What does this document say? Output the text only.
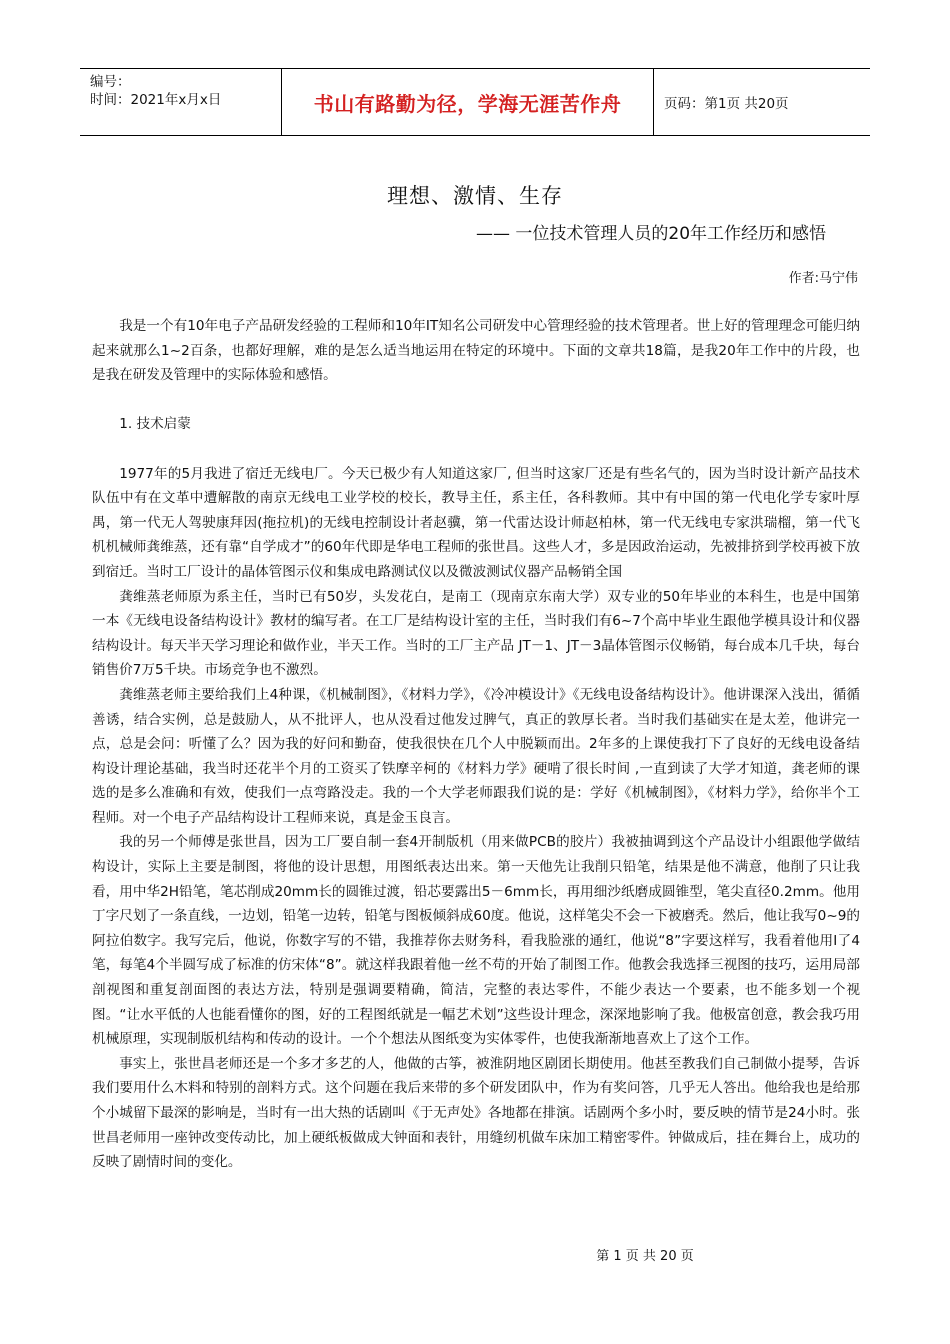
编号：
时间：2021年x月x日	书山有路勤为径，学海无涯苦作舟	页码：第1页 共20页
理想、激情、生存
—— 一位技术管理人员的20年工作经历和感悟
作者:马宁伟

我是一个有10年电子产品研发经验的工程师和10年IT知名公司研发中心管理经验的技术管理者。世上好的管理理念可能归纳起来就那么1~2百条，也都好理解，难的是怎么适当地运用在特定的环境中。下面的文章共18篇，是我20年工作中的片段，也是我在研发及管理中的实际体验和感悟。

1. 技术启蒙

1977年的5月我进了宿迁无线电厂。今天已极少有人知道这家厂, 但当时这家厂还是有些名气的，因为当时设计新产品技术队伍中有在文革中遭解散的南京无线电工业学校的校长，教导主任，系主任，各科教师。其中有中国的第一代电化学专家叶厚禺，第一代无人驾驶康拜因(拖拉机)的无线电控制设计者赵骥，第一代雷达设计师赵柏林，第一代无线电专家洪瑞榴，第一代飞机机械师龚维蒸，还有靠“自学成才”的60年代即是华电工程师的张世昌。这些人才，多是因政治运动，先被排挤到学校再被下放到宿迁。当时工厂设计的晶体管图示仪和集成电路测试仪以及微波测试仪器产品畅销全国

龚维蒸老师原为系主任，当时已有50岁，头发花白，是南工（现南京东南大学）双专业的50年毕业的本科生，也是中国第一本《无线电设备结构设计》教材的编写者。在工厂是结构设计室的主任，当时我们有6~7个高中毕业生跟他学模具设计和仪器结构设计。每天半天学习理论和做作业，半天工作。当时的工厂主产品 JT－1、JT－3晶体管图示仪畅销，每台成本几千块，每台销售价7万5千块。市场竞争也不激烈。

龚维蒸老师主要给我们上4种课，《机械制图》，《材料力学》，《冷冲模设计》《无线电设备结构设计》。他讲课深入浅出，循循善诱，结合实例，总是鼓励人，从不批评人，也从没看过他发过脾气，真正的敦厚长者。当时我们基础实在是太差，他讲完一点，总是会问：听懂了么？因为我的好问和勤奋，使我很快在几个人中脱颖而出。2年多的上课使我打下了良好的无线电设备结构设计理论基础，我当时还花半个月的工资买了铁摩辛柯的《材料力学》硬啃了很长时间 ,一直到读了大学才知道，龚老师的课选的是多么准确和有效，使我们一点弯路没走。我的一个大学老师跟我们说的是：学好《机械制图》，《材料力学》，给你半个工程师。对一个电子产品结构设计工程师来说，真是金玉良言。

我的另一个师傅是张世昌，因为工厂要自制一套4开制版机（用来做PCB的胶片）我被抽调到这个产品设计小组跟他学做结构设计，实际上主要是制图，将他的设计思想，用图纸表达出来。第一天他先让我削只铅笔，结果是他不满意，他削了只让我看，用中华2H铅笔，笔芯削成20mm长的圆锥过渡，铅芯要露出5－6mm长，再用细沙纸磨成圆锥型，笔尖直径0.2mm。他用丁字尺划了一条直线，一边划，铅笔一边转，铅笔与图板倾斜成60度。他说，这样笔尖不会一下被磨秃。然后，他让我写0~9的阿拉伯数字。我写完后，他说，你数字写的不错，我推荐你去财务科，看我脸涨的通红，他说“8”字要这样写，我看着他用I了4笔，每笔4个半圆写成了标准的仿宋体“8”。就这样我跟着他一丝不苟的开始了制图工作。他教会我选择三视图的技巧，运用局部剖视图和重复剖面图的表达方法，特别是强调要精确，简洁，完整的表达零件，不能少表达一个要素，也不能多划一个视图。“让水平低的人也能看懂你的图，好的工程图纸就是一幅艺术划”这些设计理念，深深地影响了我。他极富创意，教会我巧用机械原理，实现制版机结构和传动的设计。一个个想法从图纸变为实体零件，也使我渐渐地喜欢上了这个工作。

事实上，张世昌老师还是一个多才多艺的人，他做的古筝，被淮阴地区剧团长期使用。他甚至教我们自己制做小提琴，告诉我们要用什么木料和特别的剖料方式。这个问题在我后来带的多个研发团队中，作为有奖问答，几乎无人答出。他给我也是给那个小城留下最深的影响是，当时有一出大热的话剧叫《于无声处》各地都在排演。话剧两个多小时，要反映的情节是24小时。张世昌老师用一座钟改变传动比，加上硬纸板做成大钟面和表针，用缝纫机做车床加工精密零件。钟做成后，挂在舞台上，成功的反映了剧情时间的变化。

第 1 页 共 20 页
